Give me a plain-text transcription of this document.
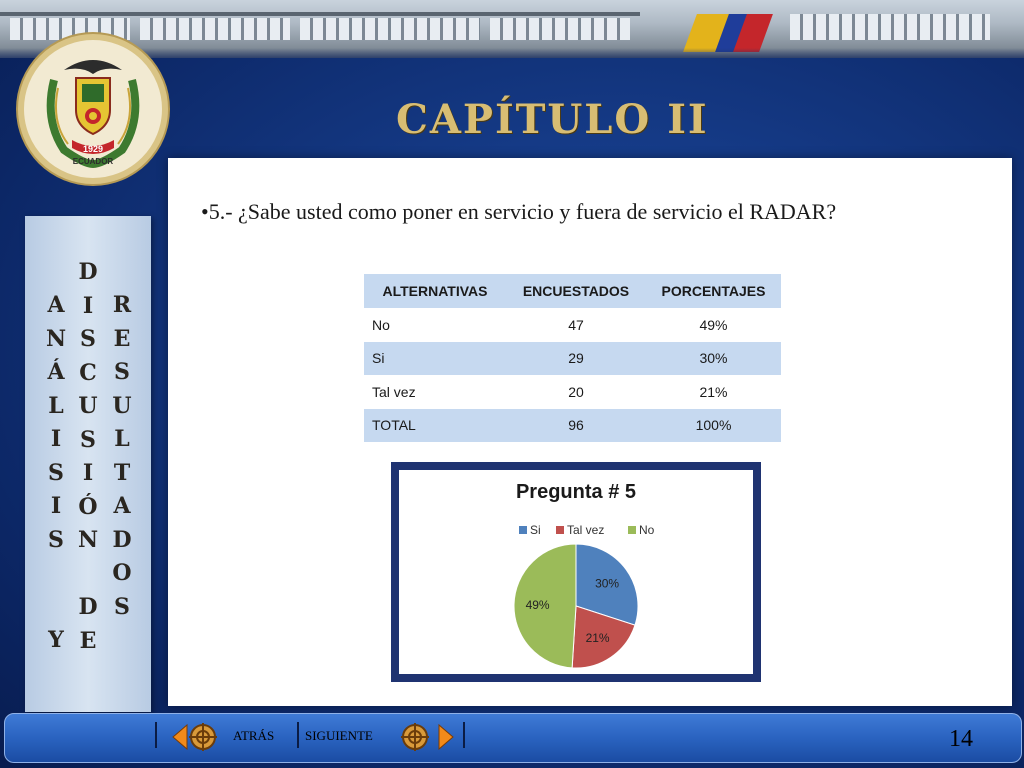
1929
ECUADOR
CAPÍTULO II
A
N
Á
L
I
S
I
S

Y
D
I
S
C
U
S
I
Ó
N

D
E
R
E
S
U
L
T
A
D
O
S
•5.- ¿Sabe usted como poner en servicio y fuera de servicio el RADAR?
ALTERNATIVAS	ENCUESTADOS	PORCENTAJES
No	47	49%
Si	29	30%
Tal vez	20	21%
TOTAL	96	100%
Pregunta # 5
Si Tal vez	No
30%
21%
49%
ATRÁS SIGUIENTE	14
